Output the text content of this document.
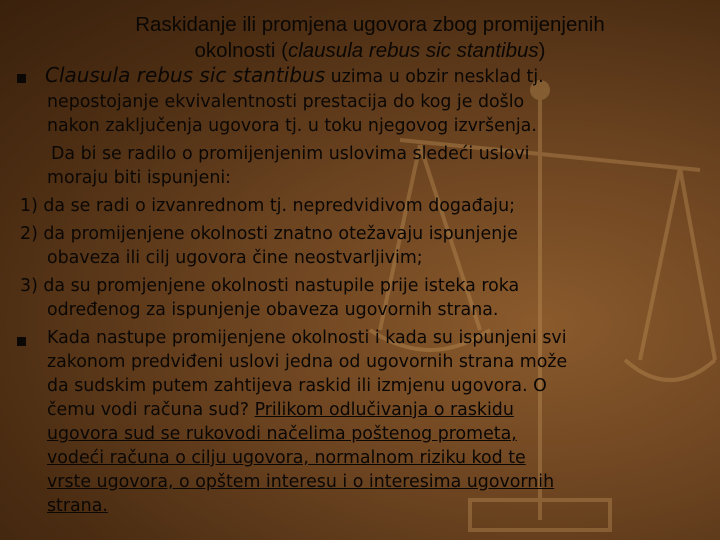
Raskidanje ili promjena ugovora zbog promijenjenih
okolnosti (clausula rebus sic stantibus)
Clausula rebus sic stantibus uzima u obzir nesklad tj.
nepostojanje ekvivalentnosti prestacija do kog je došlo
nakon zaključenja ugovora tj. u toku njegovog izvršenja.
Da bi se radilo o promijenjenim uslovima sledeći uslovi
moraju biti ispunjeni:
1) da se radi o izvanrednom tj. nepredvidivom događaju;
2) da promijenjene okolnosti znatno otežavaju ispunjenje
obaveza ili cilj ugovora čine neostvarljivim;
3) da su promjenjene okolnosti nastupile prije isteka roka
određenog za ispunjenje obaveza ugovornih strana.
Kada nastupe promijenjene okolnosti i kada su ispunjeni svi
zakonom predviđeni uslovi jedna od ugovornih strana može
da sudskim putem zahtijeva raskid ili izmjenu ugovora. O
čemu vodi računa sud? Prilikom odlučivanja o raskidu
ugovora sud se rukovodi načelima poštenog prometa,
vodeći računa o cilju ugovora, normalnom riziku kod te
vrste ugovora, o opštem interesu i o interesima ugovornih
strana.
